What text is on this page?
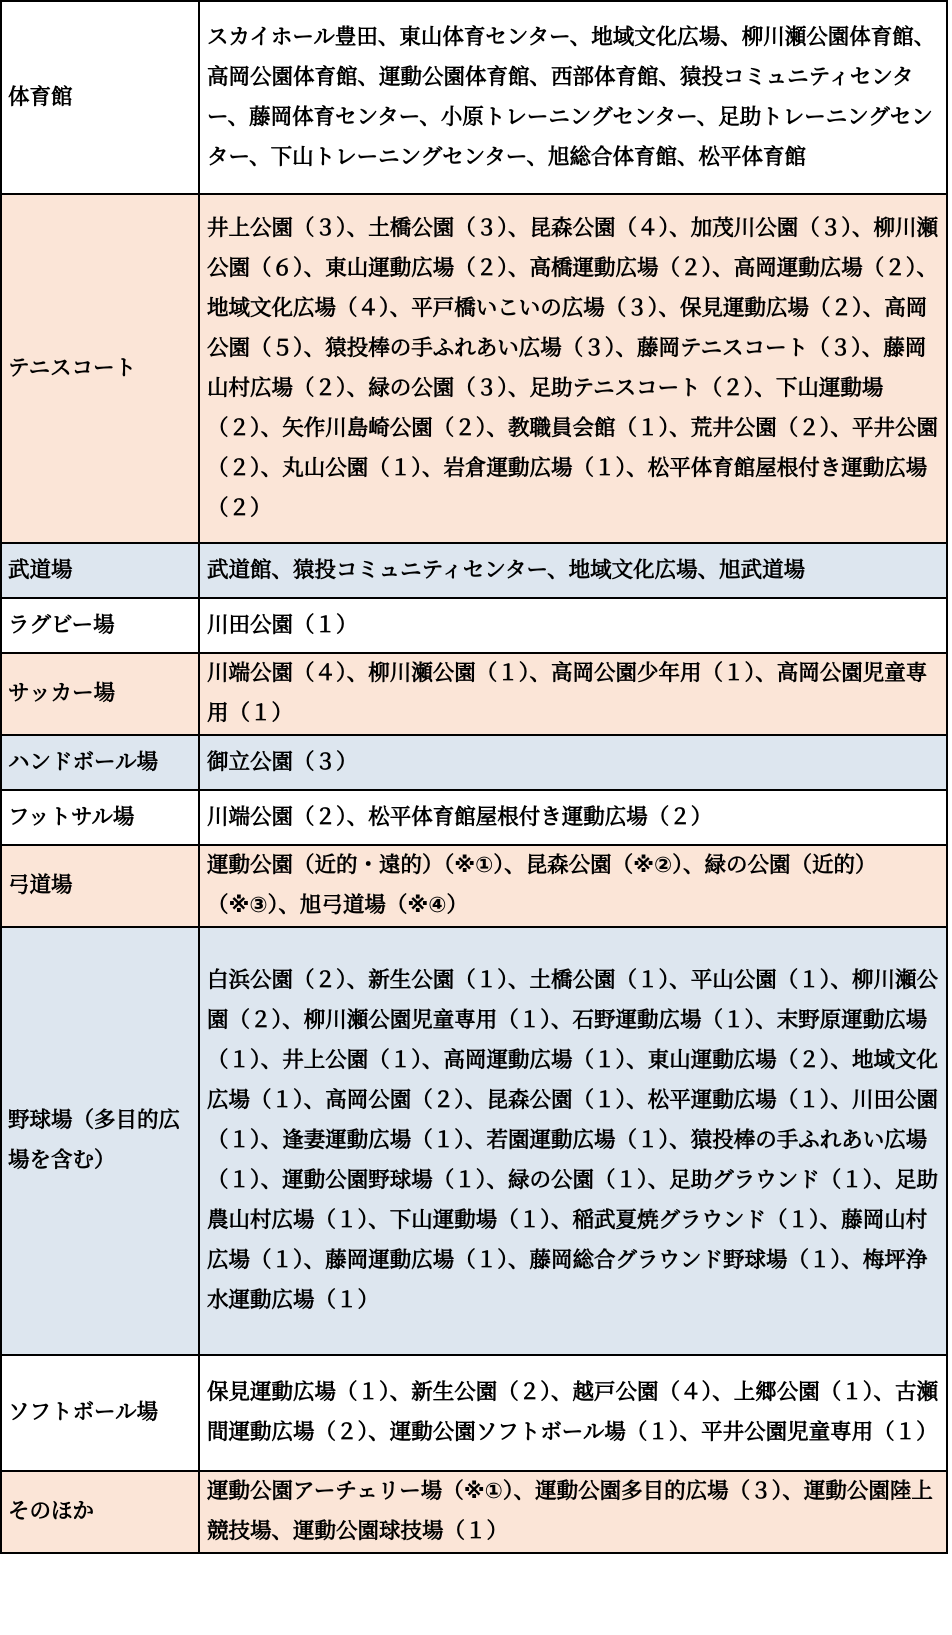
体育館	スカイホール豊田、東山体育センター、地域文化広場、柳川瀬公園体育館、高岡公園体育館、運動公園体育館、西部体育館、猿投コミュニティセンター、藤岡体育センター、小原トレーニングセンター、足助トレーニングセンター、下山トレーニングセンター、旭総合体育館、松平体育館
テニスコート	井上公園（３）、土橋公園（３）、昆森公園（４）、加茂川公園（３）、柳川瀬公園（６）、東山運動広場（２）、高橋運動広場（２）、高岡運動広場（２）、地域文化広場（４）、平戸橋いこいの広場（３）、保見運動広場（２）、高岡公園（５）、猿投棒の手ふれあい広場（３）、藤岡テニスコート（３）、藤岡山村広場（２）、緑の公園（３）、足助テニスコート（２）、下山運動場（２）、矢作川島崎公園（２）、教職員会館（１）、荒井公園（２）、平井公園（２）、丸山公園（１）、岩倉運動広場（１）、松平体育館屋根付き運動広場（２）
武道場	武道館、猿投コミュニティセンター、地域文化広場、旭武道場
ラグビー場	川田公園（１）
サッカー場	川端公園（４）、柳川瀬公園（１）、高岡公園少年用（１）、高岡公園児童専用（１）
ハンドボール場	御立公園（３）
フットサル場	川端公園（２）、松平体育館屋根付き運動広場（２）
弓道場	運動公園（近的・遠的）（※①）、昆森公園（※②）、緑の公園（近的）（※③）、旭弓道場（※④）
野球場（多目的広場を含む）	白浜公園（２）、新生公園（１）、土橋公園（１）、平山公園（１）、柳川瀬公園（２）、柳川瀬公園児童専用（１）、石野運動広場（１）、末野原運動広場（１）、井上公園（１）、高岡運動広場（１）、東山運動広場（２）、地域文化広場（１）、高岡公園（２）、昆森公園（１）、松平運動広場（１）、川田公園（１）、逢妻運動広場（１）、若園運動広場（１）、猿投棒の手ふれあい広場（１）、運動公園野球場（１）、緑の公園（１）、足助グラウンド（１）、足助農山村広場（１）、下山運動場（１）、稲武夏焼グラウンド（１）、藤岡山村広場（１）、藤岡運動広場（１）、藤岡総合グラウンド野球場（１）、梅坪浄水運動広場（１）
ソフトボール場	保見運動広場（１）、新生公園（２）、越戸公園（４）、上郷公園（１）、古瀬間運動広場（２）、運動公園ソフトボール場（１）、平井公園児童専用（１）
そのほか	運動公園アーチェリー場（※①）、運動公園多目的広場（３）、運動公園陸上競技場、運動公園球技場（１）
